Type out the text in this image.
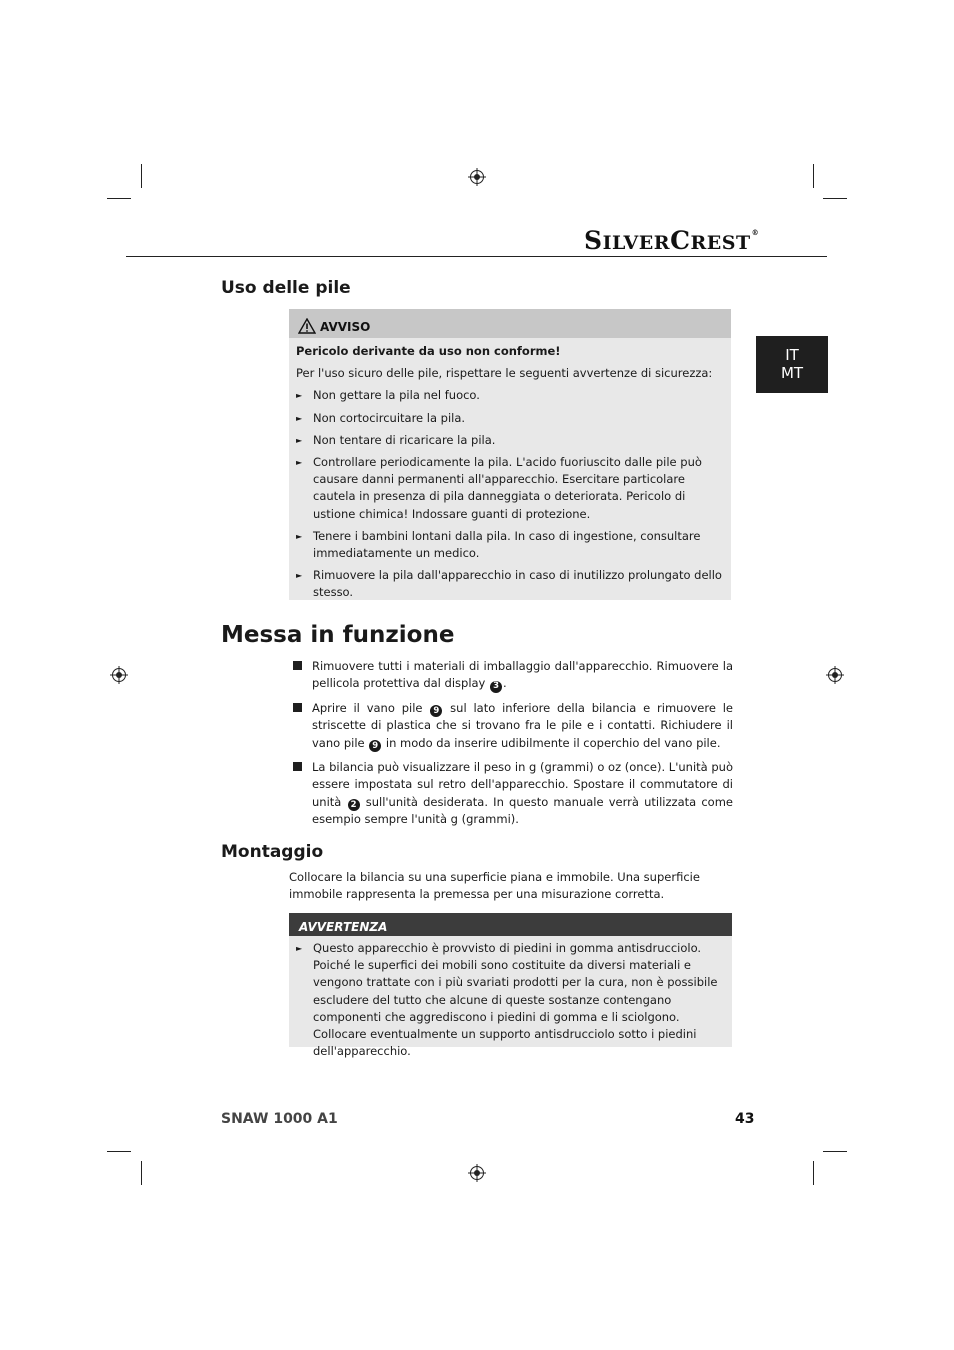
SILVERCREST®
IT
MT
Uso delle pile
AVVISO
Pericolo derivante da uso non conforme!
Per l'uso sicuro delle pile, rispettare le seguenti avvertenze di sicurezza:
► Non gettare la pila nel fuoco.
► Non cortocircuitare la pila.
► Non tentare di ricaricare la pila.
► Controllare periodicamente la pila. L'acido fuoriuscito dalle pile può causare danni permanenti all'apparecchio. Esercitare particolare cautela in presenza di pila danneggiata o deteriorata. Pericolo di ustione chimica! Indossare guanti di protezione.
► Tenere i bambini lontani dalla pila. In caso di ingestione, consultare immediatamente un medico.
► Rimuovere la pila dall'apparecchio in caso di inutilizzo prolungato dello stesso.
Messa in funzione
Rimuovere tutti i materiali di imballaggio dall'apparecchio. Rimuovere la pellicola protettiva dal display 3 .
Aprire il vano pile 9 sul lato inferiore della bilancia e rimuovere le striscette di plastica che si trovano fra le pile e i contatti. Richiudere il vano pile 9 in modo da inserire udibilmente il coperchio del vano pile.
La bilancia può visualizzare il peso in g (grammi) o oz (once). L'unità può essere impostata sul retro dell'apparecchio. Spostare il commutatore di unità 2 sull'unità desiderata. In questo manuale verrà utilizzata come esempio sempre l'unità g (grammi).
Montaggio
Collocare la bilancia su una superficie piana e immobile. Una superficie immobile rappresenta la premessa per una misurazione corretta.
AVVERTENZA
► Questo apparecchio è provvisto di piedini in gomma antisdrucciolo. Poiché le superfici dei mobili sono costituite da diversi materiali e vengono trattate con i più svariati prodotti per la cura, non è possibile escludere del tutto che alcune di queste sostanze contengano componenti che aggrediscono i piedini di gomma e li sciolgono. Collocare eventualmente un supporto antisdrucciolo sotto i piedini dell'apparecchio.
SNAW 1000 A1	43
